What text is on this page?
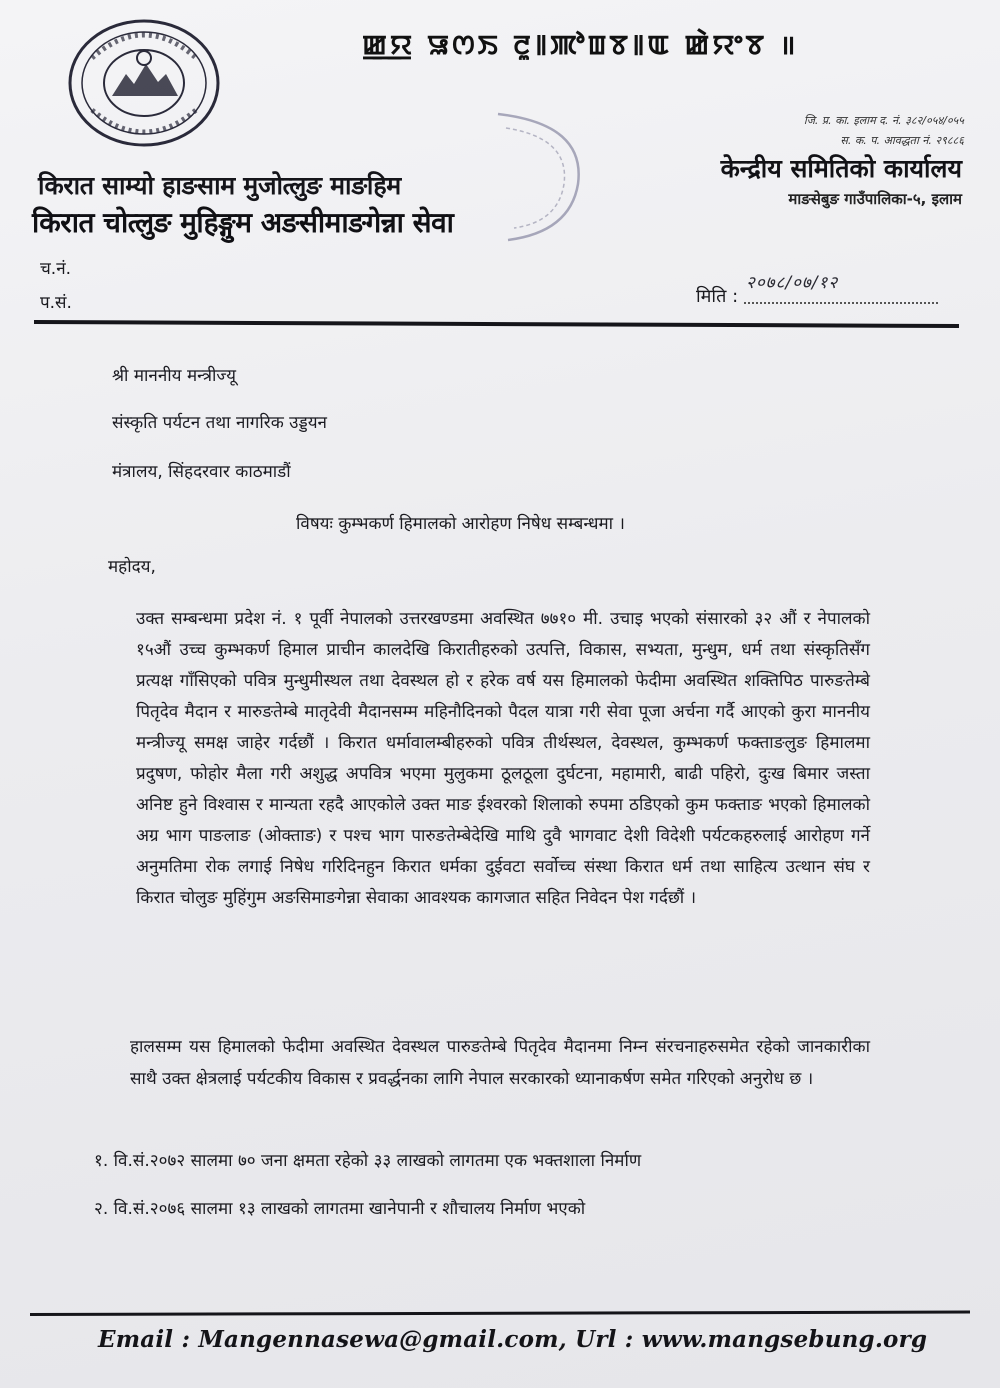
ꯀ꯭ꯌ ꯎꯁꯏ ꯂꯨ꯫ꯄꯣꯡꯕ꯫ꯑ ꯀꯥꯌꯦꯕ ॥
किरात साम्यो हाङसाम मुजोत्लुङ माङहिम
किरात चोत्लुङ मुहिङ्गुम अङसीमाङगेन्ना सेवा
जि. प्र. का. इलाम द. नं. ३८२/०५४/०५५
स. क. प. आवद्धता नं. २९८८६
केन्द्रीय समितिको कार्यालय
माङसेबुङ गाउँपालिका-५, इलाम
च.नं.
प.सं.	मिति :
२०७८/०७/१२
श्री माननीय मन्त्रीज्यू
संस्कृति पर्यटन तथा नागरिक उड्डयन
मंत्रालय, सिंहदरवार काठमाडौं
विषयः कुम्भकर्ण हिमालको आरोहण निषेध सम्बन्धमा ।
महोदय,
उक्त सम्बन्धमा प्रदेश नं. १ पूर्वी नेपालको उत्तरखण्डमा अवस्थित ७७१० मी. उचाइ भएको संसारको ३२ औं र नेपालको १५औं उच्च कुम्भकर्ण हिमाल प्राचीन कालदेखि किरातीहरुको उत्पत्ति, विकास, सभ्यता, मुन्धुम, धर्म तथा संस्कृतिसँग प्रत्यक्ष गाँसिएको पवित्र मुन्धुमीस्थल तथा देवस्थल हो र हरेक वर्ष यस हिमालको फेदीमा अवस्थित शक्तिपिठ पारुङतेम्बे पितृदेव मैदान र मारुङतेम्बे मातृदेवी मैदानसम्म महिनौदिनको पैदल यात्रा गरी सेवा पूजा अर्चना गर्दै आएको कुरा माननीय मन्त्रीज्यू समक्ष जाहेर गर्दछौं । किरात धर्मावालम्बीहरुको पवित्र तीर्थस्थल, देवस्थल, कुम्भकर्ण फक्ताङलुङ हिमालमा प्रदुषण, फोहोर मैला गरी अशुद्ध अपवित्र भएमा मुलुकमा ठूलठूला दुर्घटना, महामारी, बाढी पहिरो, दुःख बिमार जस्ता अनिष्ट हुने विश्वास र मान्यता रहदै आएकोले उक्त माङ ईश्वरको शिलाको रुपमा ठडिएको कुम फक्ताङ भएको हिमालको अग्र भाग पाङलाङ (ओक्ताङ) र पश्च भाग पारुङतेम्बेदेखि माथि दुवै भागवाट देशी विदेशी पर्यटकहरुलाई आरोहण गर्ने अनुमतिमा रोक लगाई निषेध गरिदिनहुन किरात धर्मका दुईवटा सर्वोच्च संस्था किरात धर्म तथा साहित्य उत्थान संघ र किरात चोलुङ मुहिंगुम अङसिमाङगेन्ना सेवाका आवश्यक कागजात सहित निवेदन पेश गर्दछौं ।
हालसम्म यस हिमालको फेदीमा अवस्थित देवस्थल पारुङतेम्बे पितृदेव मैदानमा निम्न संरचनाहरुसमेत रहेको जानकारीका साथै उक्त क्षेत्रलाई पर्यटकीय विकास र प्रवर्द्धनका लागि नेपाल सरकारको ध्यानाकर्षण समेत गरिएको अनुरोध छ ।
१. वि.सं.२०७२ सालमा ७० जना क्षमता रहेको ३३ लाखको लागतमा एक भक्तशाला निर्माण
२. वि.सं.२०७६ सालमा १३ लाखको लागतमा खानेपानी र शौचालय निर्माण भएको
Email : Mangennasewa@gmail.com, Url : www.mangsebung.org
